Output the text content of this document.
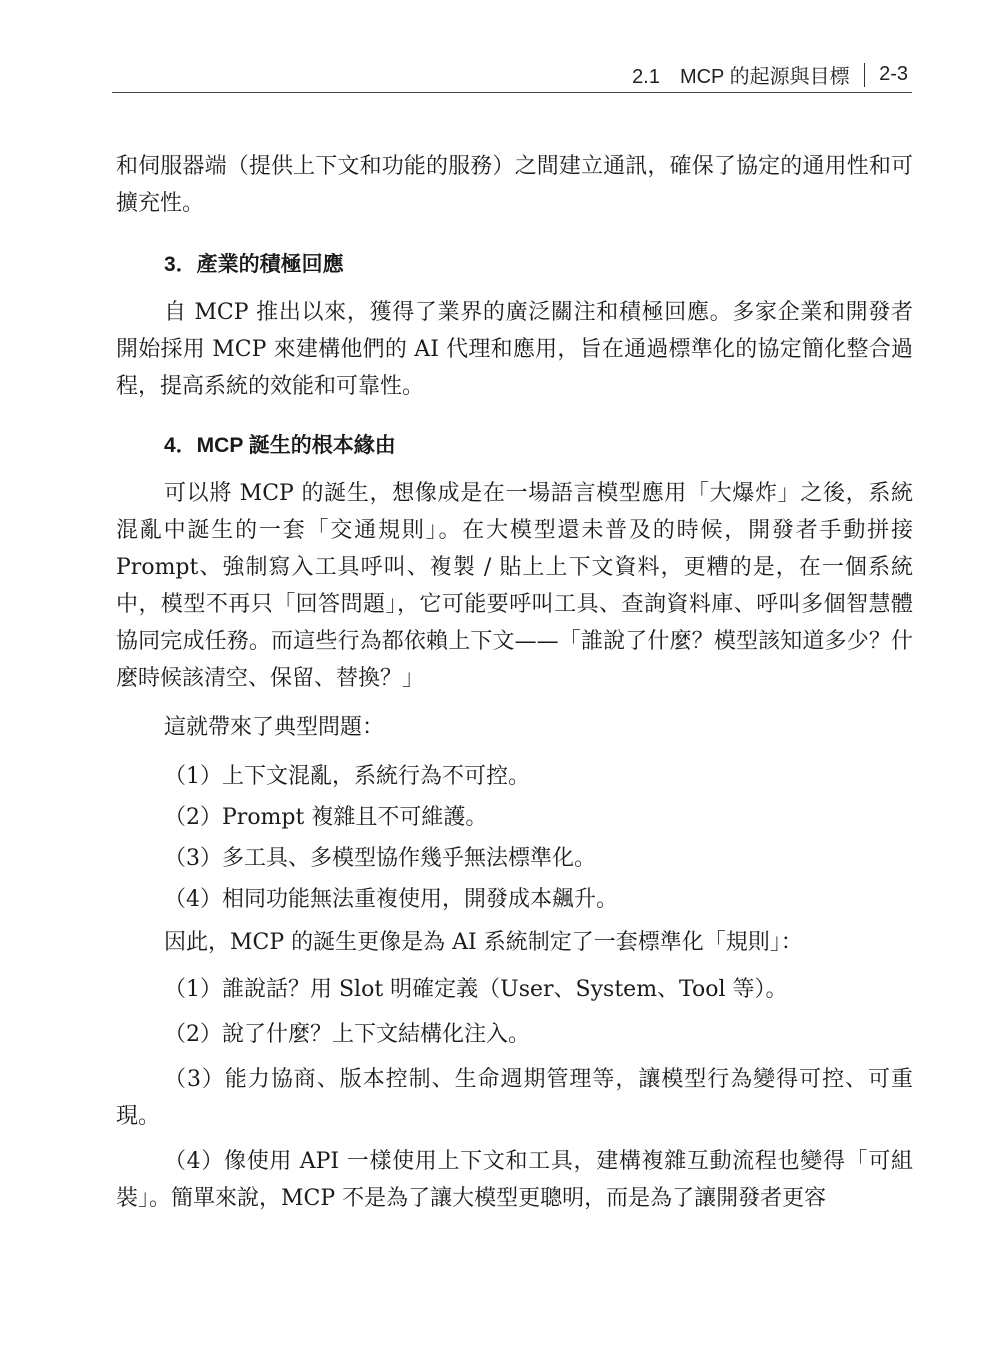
2.1　MCP 的起源與目標 2-3

和伺服器端（提供上下文和功能的服務）之間建立通訊，確保了協定的通用性和可擴充性。

3．產業的積極回應

自 MCP 推出以來，獲得了業界的廣泛關注和積極回應。多家企業和開發者開始採用 MCP 來建構他們的 AI 代理和應用，旨在通過標準化的協定簡化整合過程，提高系統的效能和可靠性。

4．MCP 誕生的根本緣由

可以將 MCP 的誕生，想像成是在一場語言模型應用「大爆炸」之後，系統混亂中誕生的一套「交通規則」。在大模型還未普及的時候，開發者手動拼接 Prompt、強制寫入工具呼叫、複製 / 貼上上下文資料，更糟的是，在一個系統中，模型不再只「回答問題」，它可能要呼叫工具、查詢資料庫、呼叫多個智慧體協同完成任務。而這些行為都依賴上下文——「誰說了什麼？模型該知道多少？什麼時候該清空、保留、替換？」

這就帶來了典型問題：

（1）上下文混亂，系統行為不可控。

（2）Prompt 複雜且不可維護。

（3）多工具、多模型協作幾乎無法標準化。

（4）相同功能無法重複使用，開發成本飆升。

因此，MCP 的誕生更像是為 AI 系統制定了一套標準化「規則」：

（1）誰說話？用 Slot 明確定義（User、System、Tool 等）。

（2）說了什麼？上下文結構化注入。

（3）能力協商、版本控制、生命週期管理等，讓模型行為變得可控、可重現。

（4）像使用 API 一樣使用上下文和工具，建構複雜互動流程也變得「可組裝」。簡單來說，MCP 不是為了讓大模型更聰明，而是為了讓開發者更容
